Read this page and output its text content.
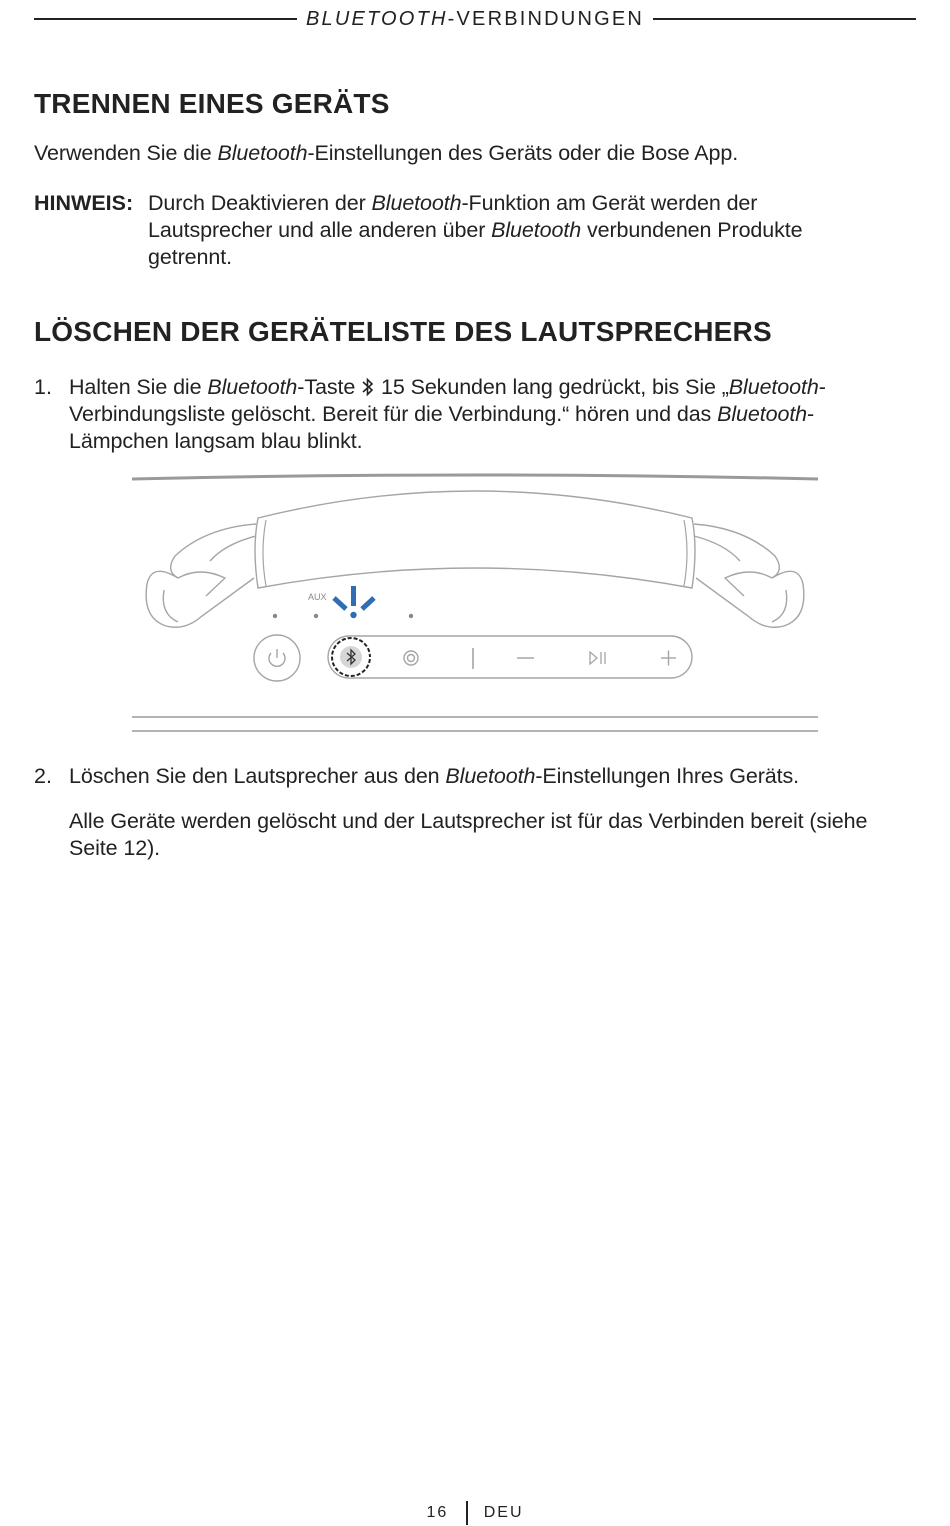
BLUETOOTH-VERBINDUNGEN
TRENNEN EINES GERÄTS

Verwenden Sie die Bluetooth-Einstellungen des Geräts oder die Bose App.

HINWEIS: Durch Deaktivieren der Bluetooth-Funktion am Gerät werden der Lautsprecher und alle anderen über Bluetooth verbundenen Produkte getrennt.

LÖSCHEN DER GERÄTELISTE DES LAUTSPRECHERS
1. Halten Sie die Bluetooth-Taste  15 Sekunden lang gedrückt, bis Sie „Bluetooth-Verbindungsliste gelöscht. Bereit für die Verbindung.“ hören und das Bluetooth-Lämpchen langsam blau blinkt.

AUX
2. Löschen Sie den Lautsprecher aus den Bluetooth-Einstellungen Ihres Geräts.

Alle Geräte werden gelöscht und der Lautsprecher ist für das Verbinden bereit (siehe Seite 12).

16 DEU
